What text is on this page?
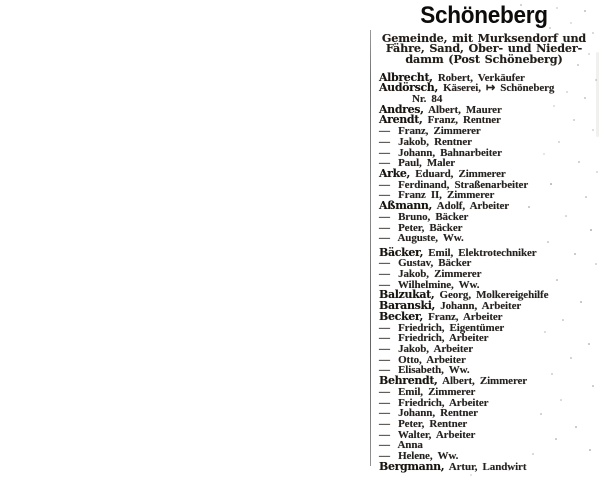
Schöneberg
Gemeinde, mit Murksendorf und
Fähre, Sand, Ober- und Nieder-
damm (Post Schöneberg)
Albrecht, Robert, Verkäufer
Audörsch, Käserei, ↦ Schöneberg
Nr. 84
Andres, Albert, Maurer
Arendt, Franz, Rentner
— Franz, Zimmerer
— Jakob, Rentner
— Johann, Bahnarbeiter
— Paul, Maler
Arke, Eduard, Zimmerer
— Ferdinand, Straßenarbeiter
— Franz II, Zimmerer
Aßmann, Adolf, Arbeiter
— Bruno, Bäcker
— Peter, Bäcker
— Auguste, Ww.
Bäcker, Emil, Elektrotechniker
— Gustav, Bäcker
— Jakob, Zimmerer
— Wilhelmine, Ww.
Balzukat, Georg, Molkereigehilfe
Baranski, Johann, Arbeiter
Becker, Franz, Arbeiter
— Friedrich, Eigentümer
— Friedrich, Arbeiter
— Jakob, Arbeiter
— Otto, Arbeiter
— Elisabeth, Ww.
Behrendt, Albert, Zimmerer
— Emil, Zimmerer
— Friedrich, Arbeiter
— Johann, Rentner
— Peter, Rentner
— Walter, Arbeiter
— Anna
— Helene, Ww.
Bergmann, Artur, Landwirt
